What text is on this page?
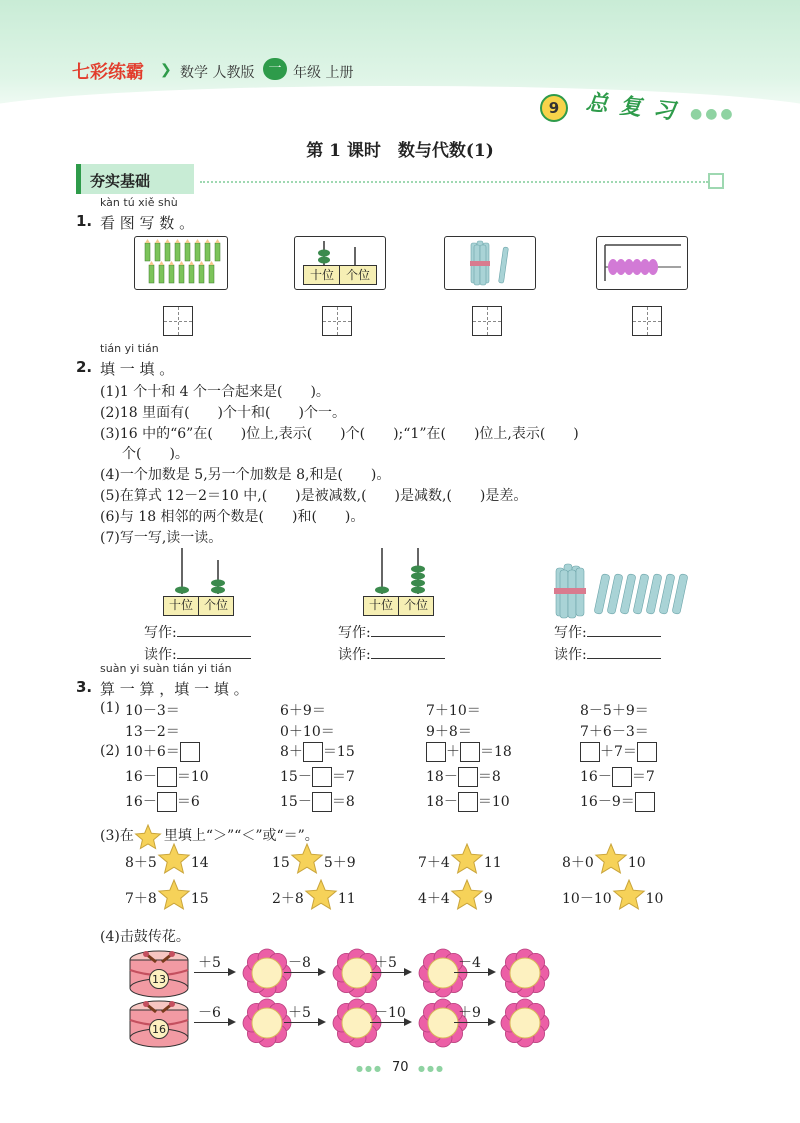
七彩练霸 ❯ 数学 人教版	一 年级 上册
9	总 复 习 ●●●
第 1 课时　数与代数(1)
夯实基础
kàn tú xiě shù
1. 看 图 写 数 。
十位 个位
tián yi tián
2. 填 一 填 。
(1)1 个十和 4 个一合起来是(　　)。
(2)18 里面有(　　)个十和(　　)个一。
(3)16 中的“6”在(　　)位上,表示(　　)个(　　);“1”在(　　)位上,表示(　　)
个(　　)。
(4)一个加数是 5,另一个加数是 8,和是(　　)。
(5)在算式 12－2＝10 中,(　　)是被减数,(　　)是减数,(　　)是差。
(6)与 18 相邻的两个数是(　　)和(　　)。
(7)写一写,读一读。
十位 个位	十位 个位
写作:
读作:
写作:
读作:
写作:
读作:
suàn yi suàn tián yi tián
3. 算 一 算 ，填 一 填 。
(1) 10－3＝	6＋9＝	7＋10＝	8－5＋9＝
13－2＝	0＋10＝	9＋8＝	7＋6－3＝
(2) 10＋6＝	8＋ ＝15	＋ ＝18	＋7＝
16－ ＝10	15－ ＝7	18－ ＝8	16－ ＝7
16－ ＝6	15－ ＝8	18－ ＝10	16－9＝
(3)在 里填上“＞”“＜”或“＝”。
8＋5 14	15 5＋9	7＋4 11	8＋0 10
7＋8 15	2＋8 11	4＋4 9	10－10 10
(4)击鼓传花。
13
＋5	－8	＋5	－4
16
－6	＋5	－10	＋9
●●● 70 ●●●
